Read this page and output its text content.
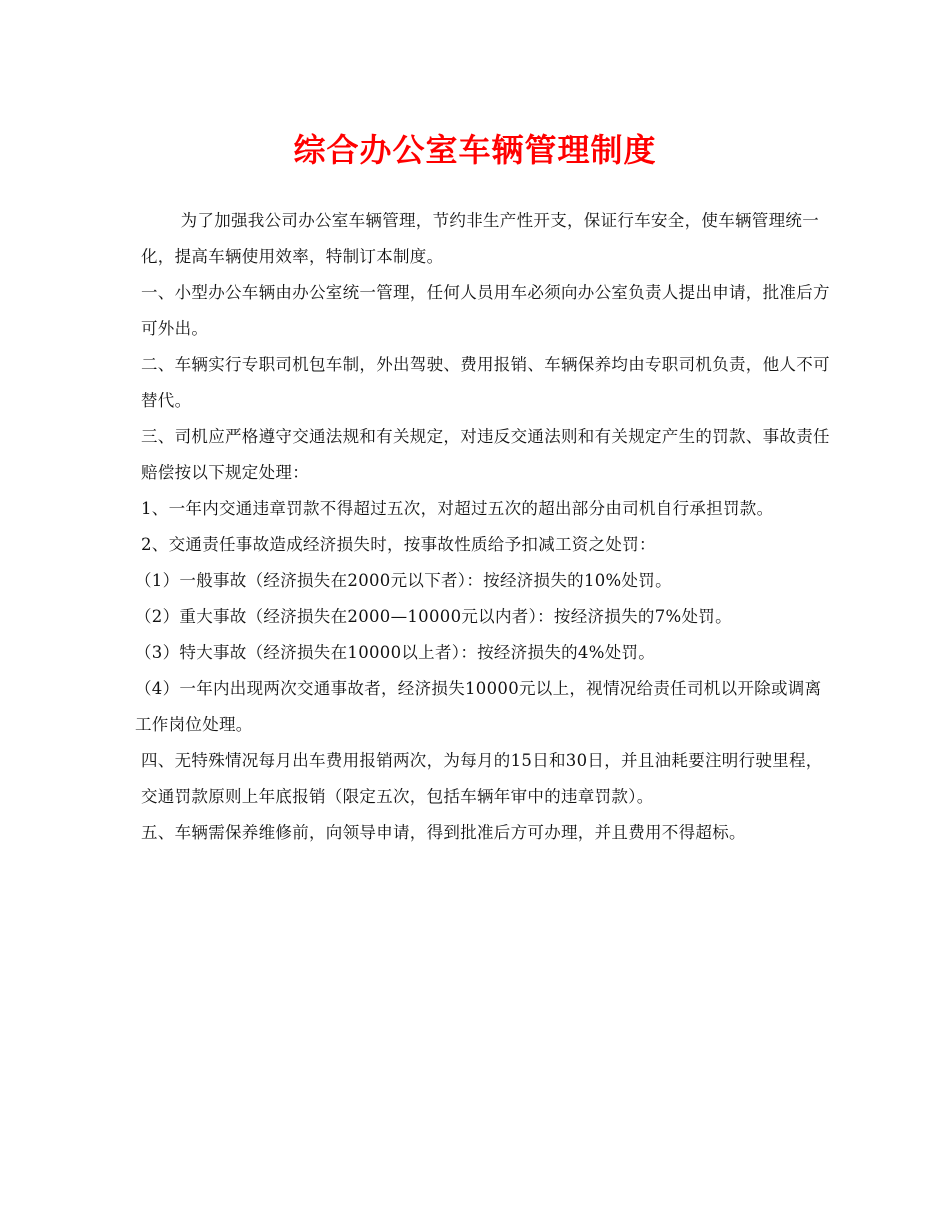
综合办公室车辆管理制度

为了加强我公司办公室车辆管理，节约非生产性开支，保证行车安全，使车辆管理统一化，提高车辆使用效率，特制订本制度。

一、小型办公车辆由办公室统一管理，任何人员用车必须向办公室负责人提出申请，批准后方可外出。

二、车辆实行专职司机包车制，外出驾驶、费用报销、车辆保养均由专职司机负责，他人不可替代。

三、司机应严格遵守交通法规和有关规定，对违反交通法则和有关规定产生的罚款、事故责任赔偿按以下规定处理：

1、一年内交通违章罚款不得超过五次，对超过五次的超出部分由司机自行承担罚款。

2、交通责任事故造成经济损失时，按事故性质给予扣减工资之处罚：

（1）一般事故（经济损失在2000元以下者）：按经济损失的10%处罚。

（2）重大事故（经济损失在2000—10000元以内者）：按经济损失的7%处罚。

（3）特大事故（经济损失在10000以上者）：按经济损失的4%处罚。

（4）一年内出现两次交通事故者，经济损失10000元以上，视情况给责任司机以开除或调离工作岗位处理。

四、无特殊情况每月出车费用报销两次，为每月的15日和30日，并且油耗要注明行驶里程，交通罚款原则上年底报销（限定五次，包括车辆年审中的违章罚款）。

五、车辆需保养维修前，向领导申请，得到批准后方可办理，并且费用不得超标。
